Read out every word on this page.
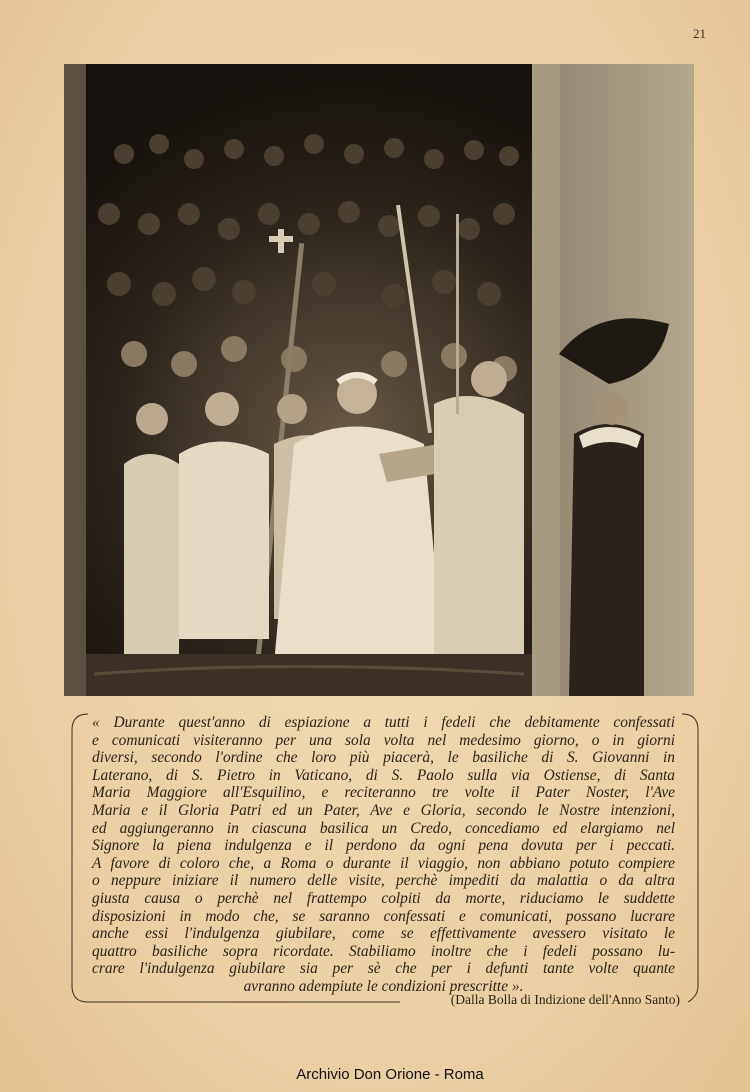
21
« Durante quest'anno di espiazione a tutti i fedeli che debitamente confessati
e comunicati visiteranno per una sola volta nel medesimo giorno, o in giorni
diversi, secondo l'ordine che loro più piacerà, le basiliche di S. Giovanni in
Laterano, di S. Pietro in Vaticano, di S. Paolo sulla via Ostiense, di Santa
Maria Maggiore all'Esquilino, e reciteranno tre volte il Pater Noster, l'Ave
Maria e il Gloria Patri ed un Pater, Ave e Gloria, secondo le Nostre intenzioni,
ed aggiungeranno in ciascuna basilica un Credo, concediamo ed elargiamo nel
Signore la piena indulgenza e il perdono da ogni pena dovuta per i peccati.
A favore di coloro che, a Roma o durante il viaggio, non abbiano potuto compiere
o neppure iniziare il numero delle visite, perchè impediti da malattia o da altra
giusta causa o perchè nel frattempo colpiti da morte, riduciamo le suddette
disposizioni in modo che, se saranno confessati e comunicati, possano lucrare
anche essi l'indulgenza giubilare, come se effettivamente avessero visitato le
quattro basiliche sopra ricordate. Stabiliamo inoltre che i fedeli possano lu-
crare l'indulgenza giubilare sia per sè che per i defunti tante volte quante
avranno adempiute le condizioni prescritte ».
(Dalla Bolla di Indizione dell'Anno Santo)
Archivio Don Orione - Roma
